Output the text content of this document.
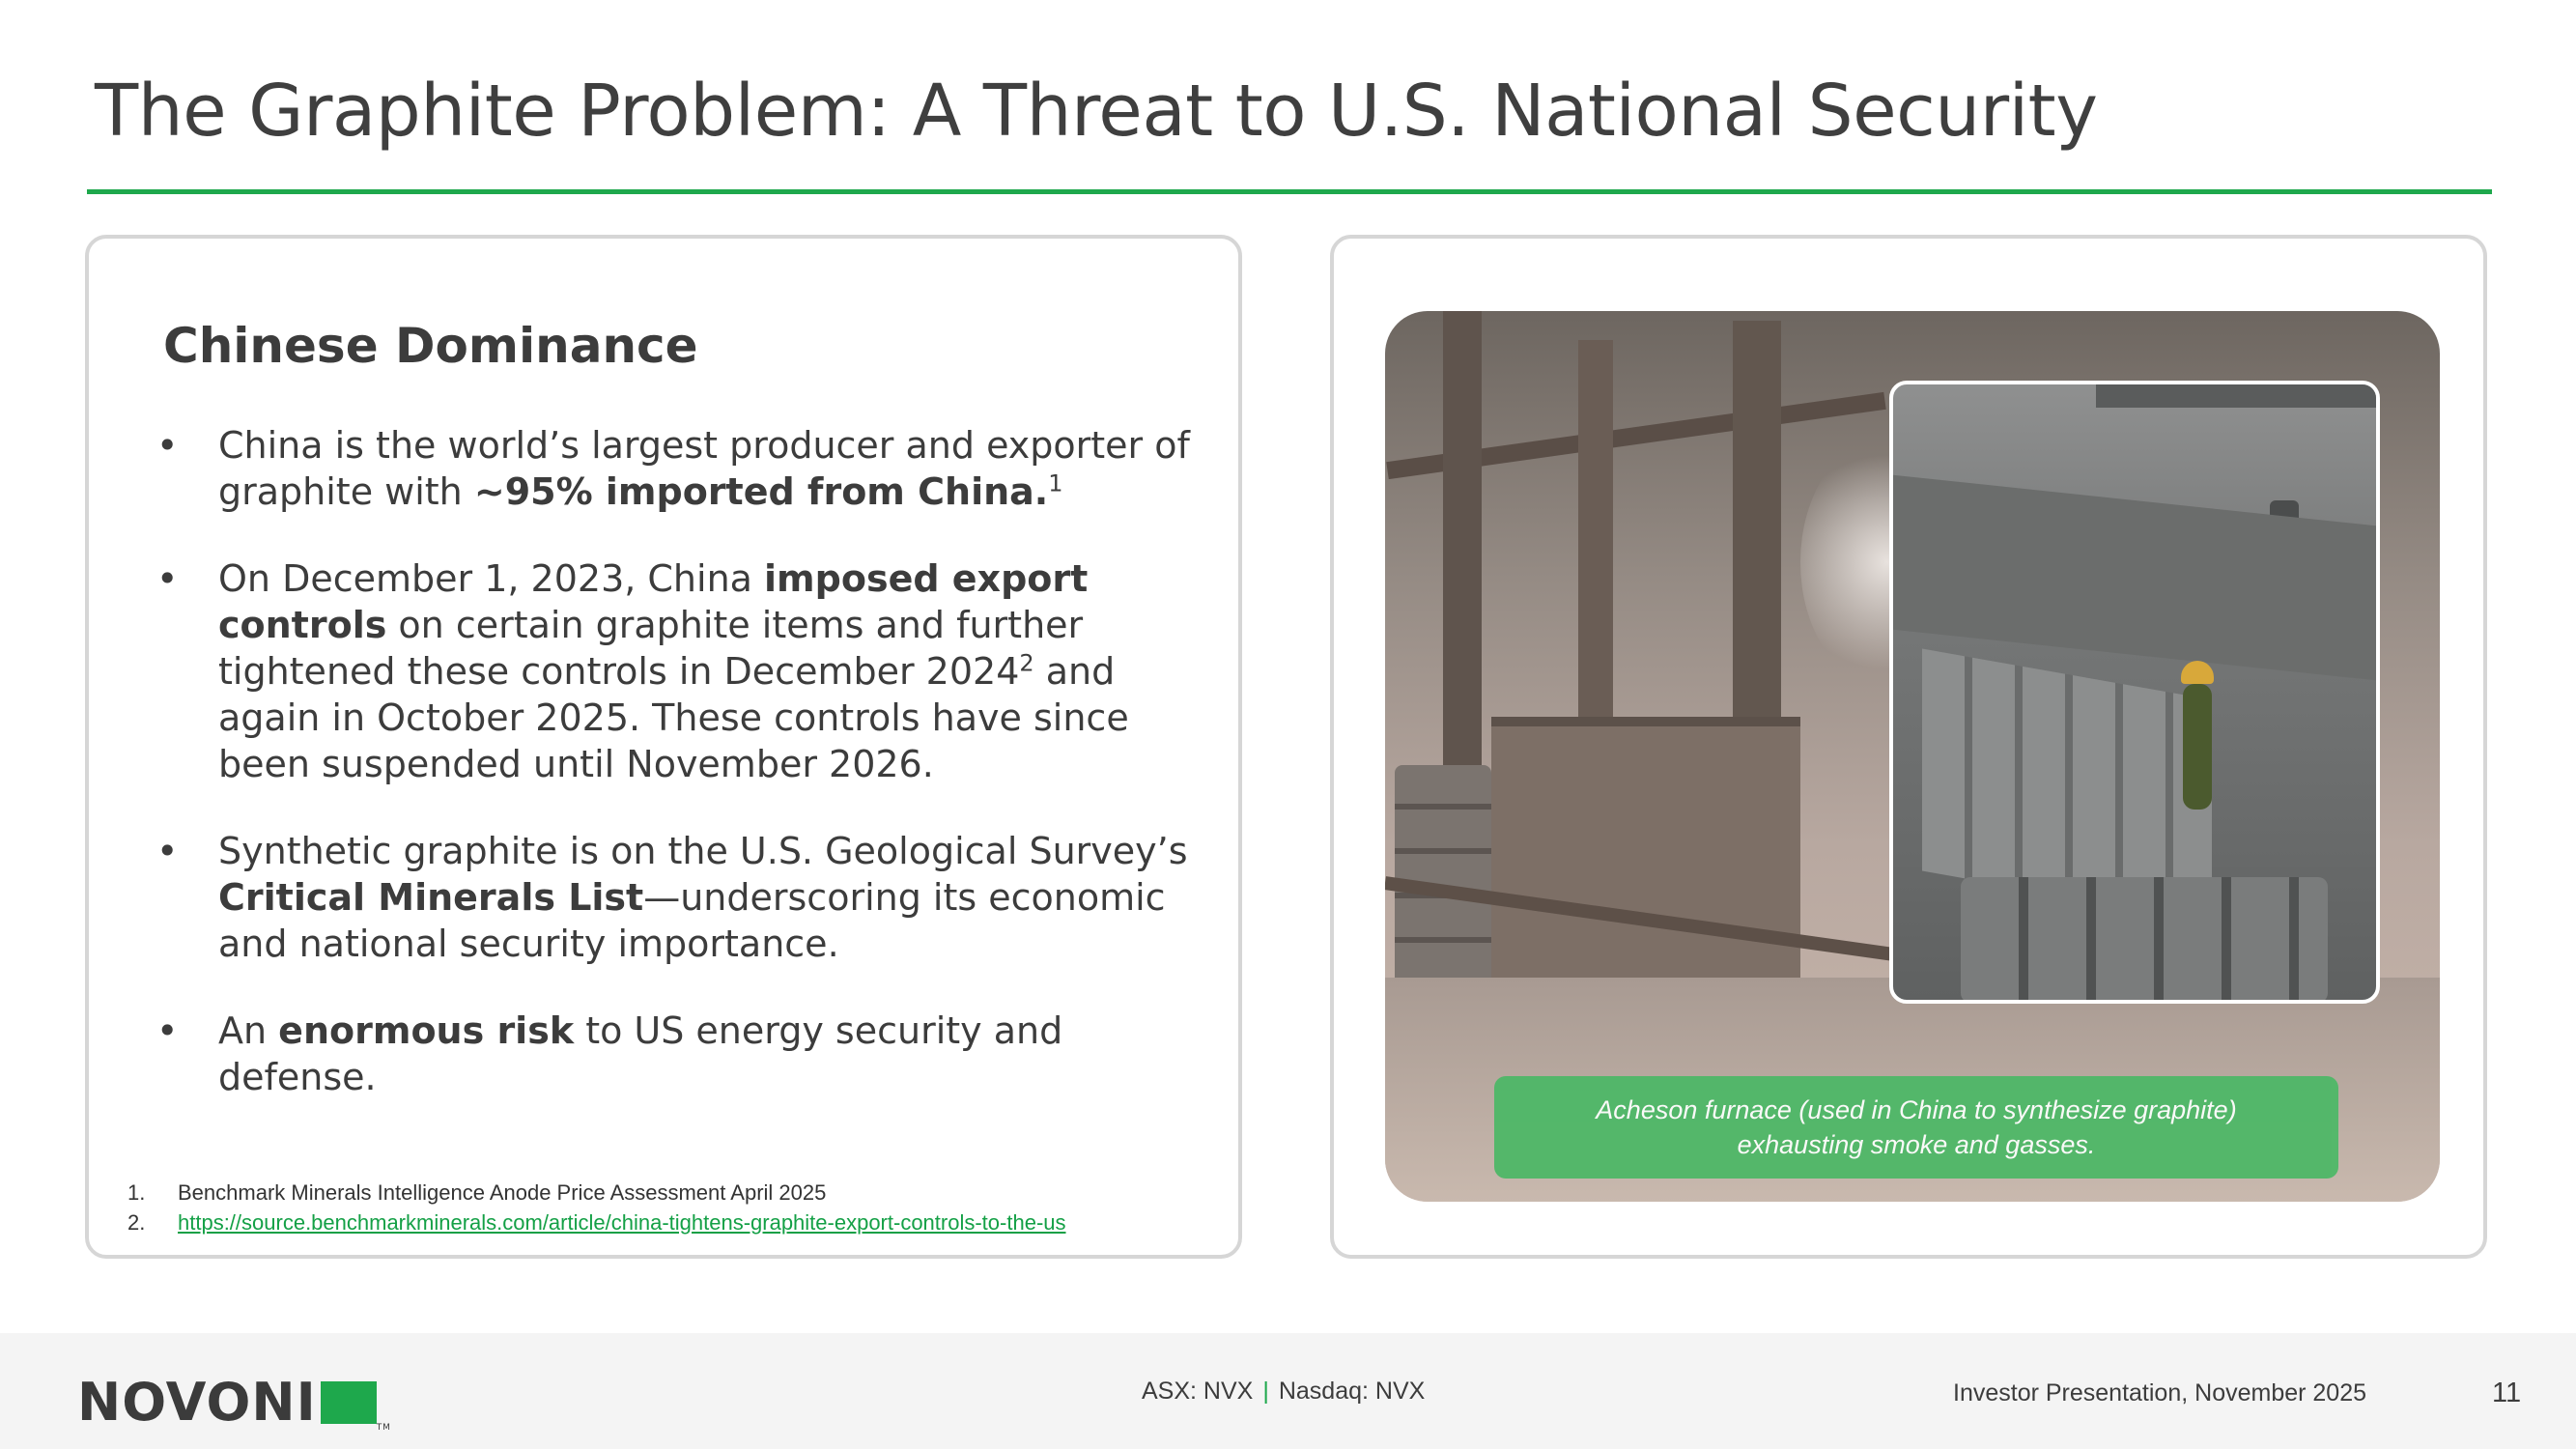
The Graphite Problem: A Threat to U.S. National Security
Chinese Dominance
• China is the world’s largest producer and exporter of graphite with ~95% imported from China.$^1$
• On December 1, 2023, China imposed export controls on certain graphite items and further tightened these controls in December 2024$^2$ and again in October 2025. These controls have since been suspended until November 2026.
• Synthetic graphite is on the U.S. Geological Survey’s Critical Minerals List—underscoring its economic and national security importance.
• An enormous risk to US energy security and defense.
1. Benchmark Minerals Intelligence Anode Price Assessment April 2025
2. https://source.benchmarkminerals.com/article/china-tightens-graphite-export-controls-to-the-us
Acheson furnace (used in China to synthesize graphite)
exhausting smoke and gasses.
NOVONI	TM
ASX: NVX | Nasdaq: NVX	Investor Presentation, November 2025	11
